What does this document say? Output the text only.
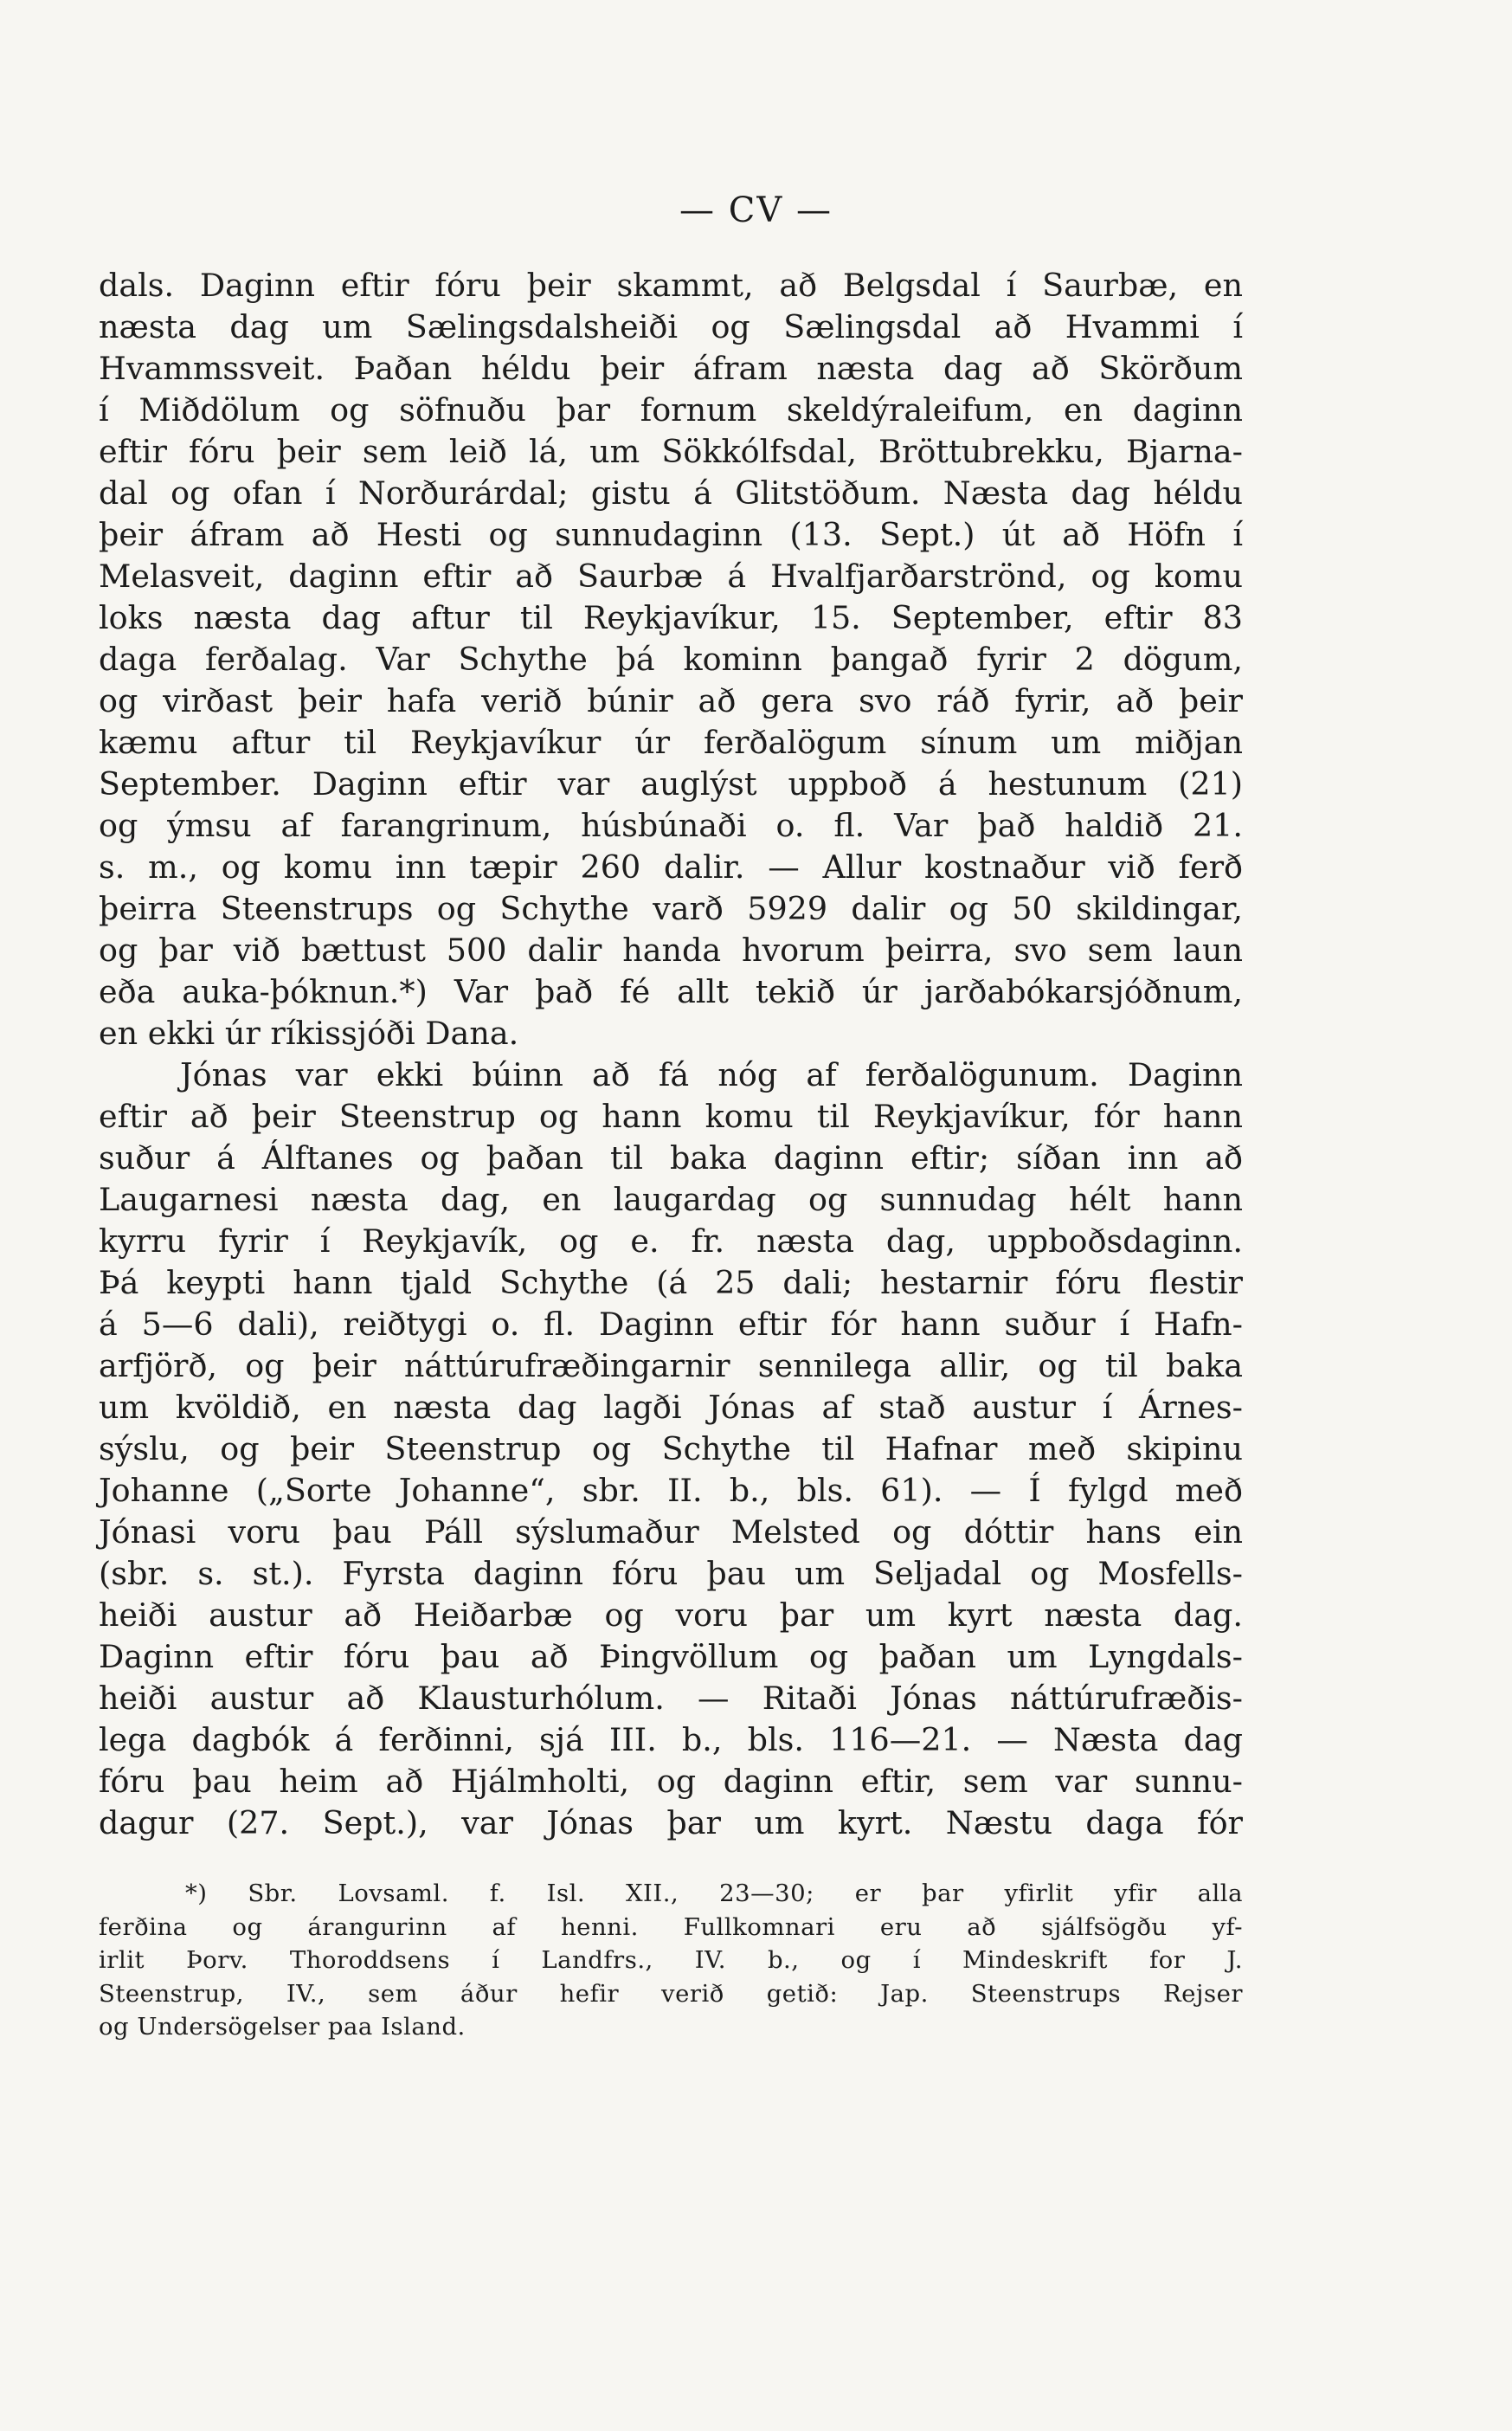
— CV —
dals. Daginn eftir fóru þeir skammt, að Belgsdal í Saurbæ, en
næsta dag um Sælingsdalsheiði og Sælingsdal að Hvammi í
Hvammssveit. Þaðan héldu þeir áfram næsta dag að Skörðum
í Miðdölum og söfnuðu þar fornum skeldýraleifum, en daginn
eftir fóru þeir sem leið lá, um Sökkólfsdal, Bröttubrekku, Bjarna-
dal og ofan í Norðurárdal; gistu á Glitstöðum. Næsta dag héldu
þeir áfram að Hesti og sunnudaginn (13. Sept.) út að Höfn í
Melasveit, daginn eftir að Saurbæ á Hvalfjarðarströnd, og komu
loks næsta dag aftur til Reykjavíkur, 15. September, eftir 83
daga ferðalag. Var Schythe þá kominn þangað fyrir 2 dögum,
og virðast þeir hafa verið búnir að gera svo ráð fyrir, að þeir
kæmu aftur til Reykjavíkur úr ferðalögum sínum um miðjan
September. Daginn eftir var auglýst uppboð á hestunum (21)
og ýmsu af farangrinum, húsbúnaði o. fl. Var það haldið 21.
s. m., og komu inn tæpir 260 dalir. — Allur kostnaður við ferð
þeirra Steenstrups og Schythe varð 5929 dalir og 50 skildingar,
og þar við bættust 500 dalir handa hvorum þeirra, svo sem laun
eða auka-þóknun.*) Var það fé allt tekið úr jarðabókarsjóðnum,
en ekki úr ríkissjóði Dana.
Jónas var ekki búinn að fá nóg af ferðalögunum. Daginn
eftir að þeir Steenstrup og hann komu til Reykjavíkur, fór hann
suður á Álftanes og þaðan til baka daginn eftir; síðan inn að
Laugarnesi næsta dag, en laugardag og sunnudag hélt hann
kyrru fyrir í Reykjavík, og e. fr. næsta dag, uppboðsdaginn.
Þá keypti hann tjald Schythe (á 25 dali; hestarnir fóru flestir
á 5—6 dali), reiðtygi o. fl. Daginn eftir fór hann suður í Hafn-
arfjörð, og þeir náttúrufræðingarnir sennilega allir, og til baka
um kvöldið, en næsta dag lagði Jónas af stað austur í Árnes-
sýslu, og þeir Steenstrup og Schythe til Hafnar með skipinu
Johanne („Sorte Johanne“, sbr. II. b., bls. 61). — Í fylgd með
Jónasi voru þau Páll sýslumaður Melsted og dóttir hans ein
(sbr. s. st.). Fyrsta daginn fóru þau um Seljadal og Mosfells-
heiði austur að Heiðarbæ og voru þar um kyrt næsta dag.
Daginn eftir fóru þau að Þingvöllum og þaðan um Lyngdals-
heiði austur að Klausturhólum. — Ritaði Jónas náttúrufræðis-
lega dagbók á ferðinni, sjá III. b., bls. 116—21. — Næsta dag
fóru þau heim að Hjálmholti, og daginn eftir, sem var sunnu-
dagur (27. Sept.), var Jónas þar um kyrt. Næstu daga fór
*) Sbr. Lovsaml. f. Isl. XII., 23—30; er þar yfirlit yfir alla
ferðina og árangurinn af henni. Fullkomnari eru að sjálfsögðu yf-
irlit Þorv. Thoroddsens í Landfrs., IV. b., og í Mindeskrift for J.
Steenstrup, IV., sem áður hefir verið getið: Jap. Steenstrups Rejser
og Undersögelser paa Island.
